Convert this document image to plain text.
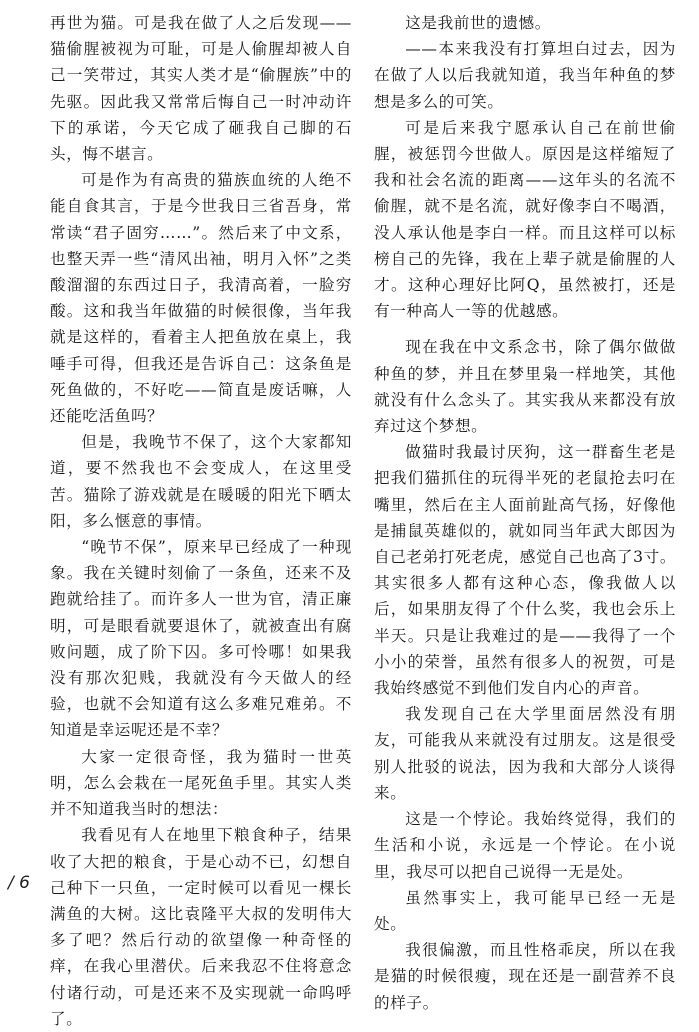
再世为猫。可是我在做了人之后发现——猫偷腥被视为可耻，可是人偷腥却被人自己一笑带过，其实人类才是“偷腥族”中的先驱。因此我又常常后悔自己一时冲动许下的承诺，今天它成了砸我自己脚的石头，悔不堪言。

可是作为有高贵的猫族血统的人绝不能自食其言，于是今世我日三省吾身，常常读“君子固穷……”。然后来了中文系，也整天弄一些“清风出袖，明月入怀”之类酸溜溜的东西过日子，我清高着，一脸穷酸。这和我当年做猫的时候很像，当年我就是这样的，看着主人把鱼放在桌上，我唾手可得，但我还是告诉自己：这条鱼是死鱼做的，不好吃——简直是废话嘛，人还能吃活鱼吗？

但是，我晚节不保了，这个大家都知道，要不然我也不会变成人，在这里受苦。猫除了游戏就是在暖暖的阳光下晒太阳，多么惬意的事情。

“晚节不保”，原来早已经成了一种现象。我在关键时刻偷了一条鱼，还来不及跑就给挂了。而许多人一世为官，清正廉明，可是眼看就要退休了，就被查出有腐败问题，成了阶下囚。多可怜哪！如果我没有那次犯贱，我就没有今天做人的经验，也就不会知道有这么多难兄难弟。不知道是幸运呢还是不幸？

大家一定很奇怪，我为猫时一世英明，怎么会栽在一尾死鱼手里。其实人类并不知道我当时的想法：

我看见有人在地里下粮食种子，结果收了大把的粮食，于是心动不已，幻想自己种下一只鱼，一定时候可以看见一棵长满鱼的大树。这比袁隆平大叔的发明伟大多了吧？然后行动的欲望像一种奇怪的痒，在我心里潜伏。后来我忍不住将意念付诸行动，可是还来不及实现就一命呜呼了。

这是我前世的遗憾。

——本来我没有打算坦白过去，因为在做了人以后我就知道，我当年种鱼的梦想是多么的可笑。

可是后来我宁愿承认自己在前世偷腥，被惩罚今世做人。原因是这样缩短了我和社会名流的距离——这年头的名流不偷腥，就不是名流，就好像李白不喝酒，没人承认他是李白一样。而且这样可以标榜自己的先锋，我在上辈子就是偷腥的人才。这种心理好比阿Q，虽然被打，还是有一种高人一等的优越感。

现在我在中文系念书，除了偶尔做做种鱼的梦，并且在梦里枭一样地笑，其他就没有什么念头了。其实我从来都没有放弃过这个梦想。

做猫时我最讨厌狗，这一群畜生老是把我们猫抓住的玩得半死的老鼠抢去叼在嘴里，然后在主人面前趾高气扬，好像他是捕鼠英雄似的，就如同当年武大郎因为自己老弟打死老虎，感觉自己也高了3寸。其实很多人都有这种心态，像我做人以后，如果朋友得了个什么奖，我也会乐上半天。只是让我难过的是——我得了一个小小的荣誉，虽然有很多人的祝贺，可是我始终感觉不到他们发自内心的声音。

我发现自己在大学里面居然没有朋友，可能我从来就没有过朋友。这是很受别人批驳的说法，因为我和大部分人谈得来。

这是一个悖论。我始终觉得，我们的生活和小说，永远是一个悖论。在小说里，我尽可以把自己说得一无是处。

虽然事实上，我可能早已经一无是处。

我很偏激，而且性格乖戾，所以在我是猫的时候很瘦，现在还是一副营养不良的样子。

/ 6
